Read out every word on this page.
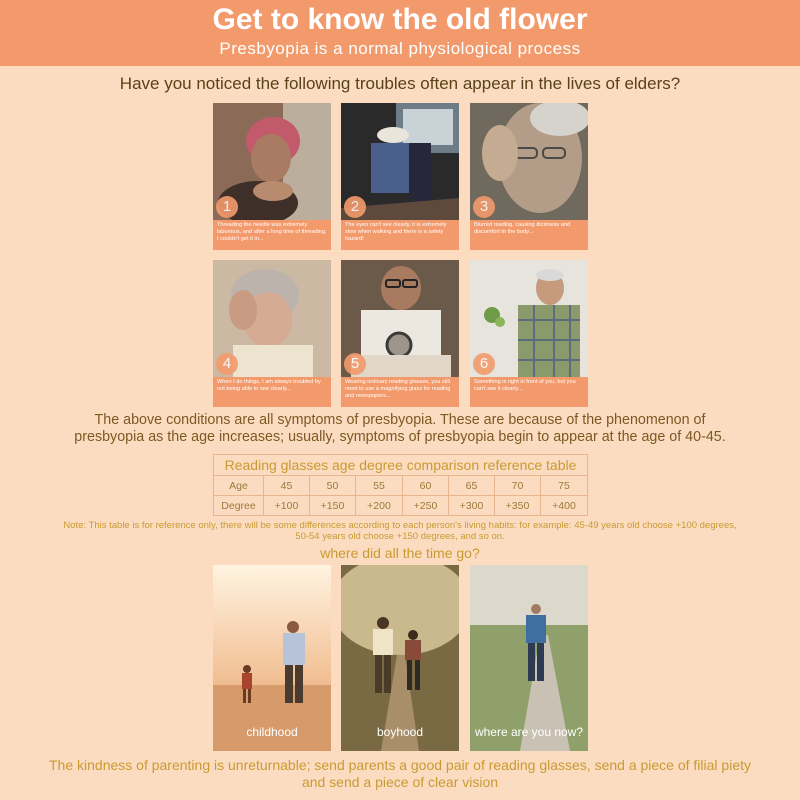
Get to know the old flower
Presbyopia is a normal physiological process
Have you noticed the following troubles often appear in the lives of elders?
1
Threading the needle was extremely laborious, and after a long time of threading, I couldn't get it in...
2
The eyes can't see clearly, it is extremely slow when walking and there is a safety hazard!
3
Blurred reading, causing dizziness and discomfort to the body...
4
When I do things, I am always troubled by not being able to see clearly...
5
Wearing ordinary reading glasses, you still need to use a magnifying glass for reading and newspapers...
6
Something is right in front of you, but you can't see it clearly...
The above conditions are all symptoms of presbyopia. These are because of the phenomenon of presbyopia as the age increases; usually, symptoms of presbyopia begin to appear at the age of 40-45.
Reading glasses age degree comparison reference table
Age	45	50	55	60	65	70	75
Degree	+100	+150	+200	+250	+300	+350	+400
Note: This table is for reference only, there will be some differences according to each person's living habits: for example: 45-49 years old choose +100 degrees, 50-54 years old choose +150 degrees, and so on.
where did all the time go?
childhood	boyhood	where are you now?
The kindness of parenting is unreturnable; send parents a good pair of reading glasses, send a piece of filial piety and send a piece of clear vision
